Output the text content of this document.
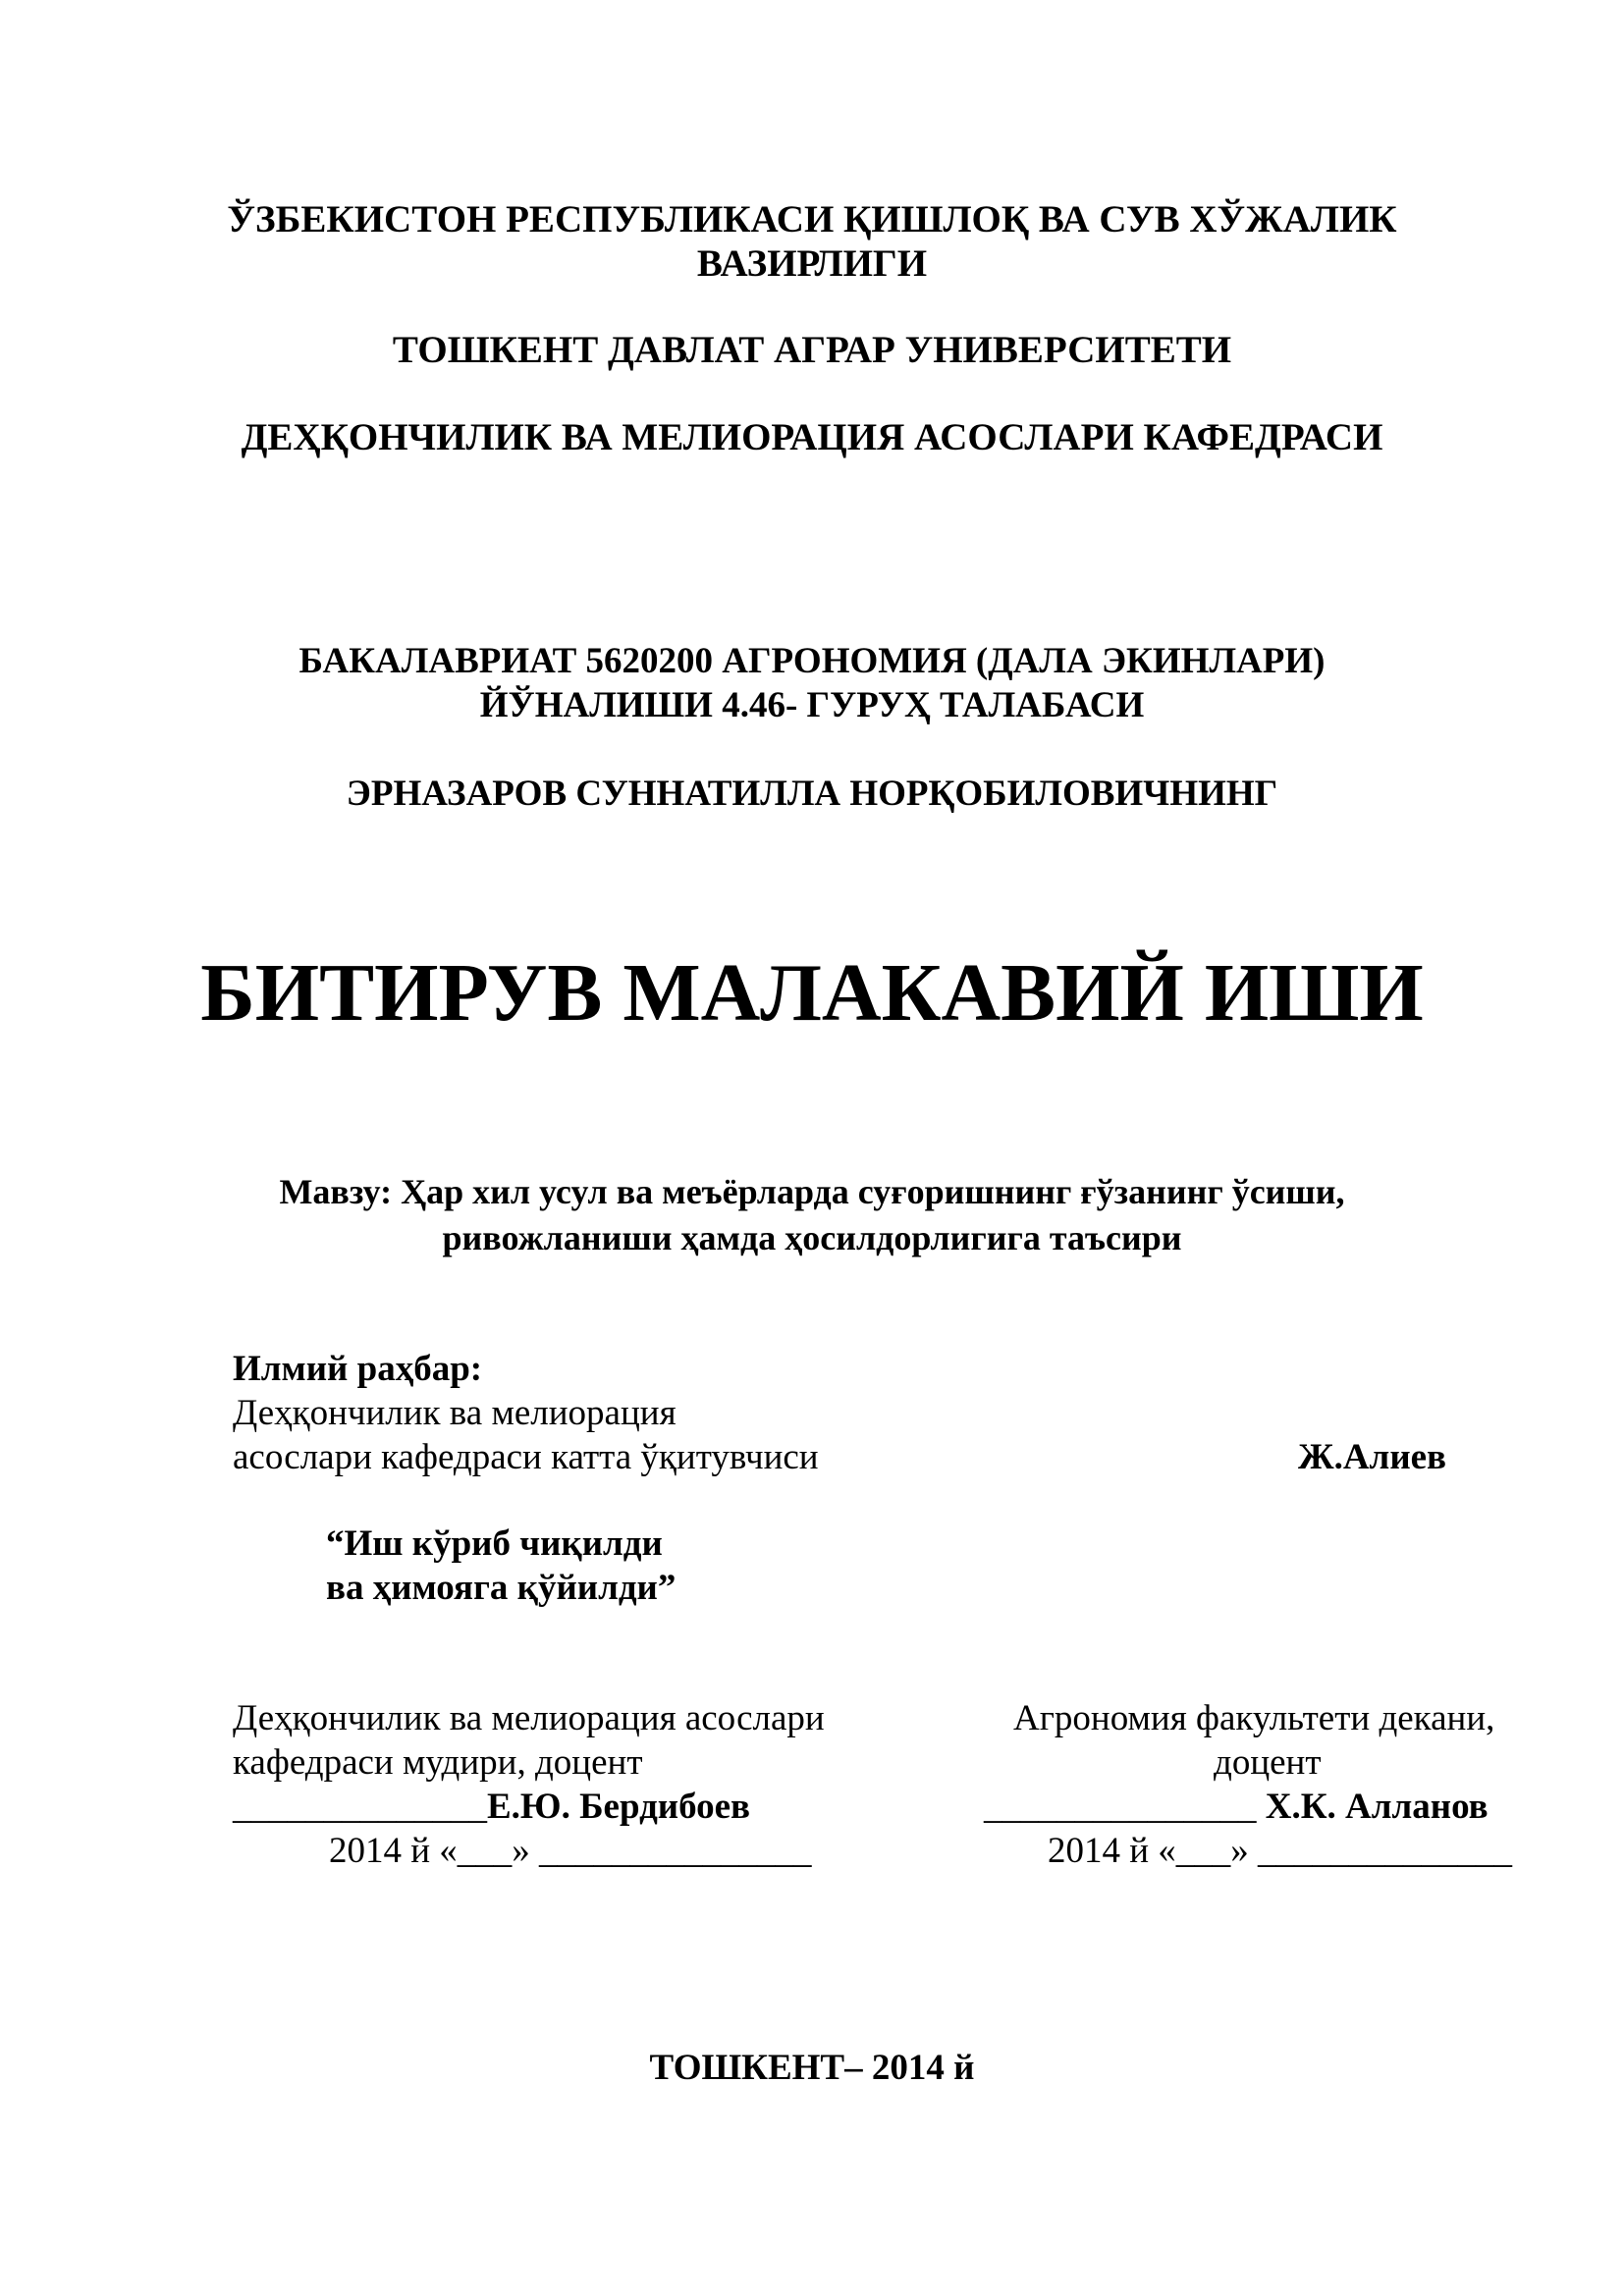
ЎЗБЕКИСТОН РЕСПУБЛИКАСИ ҚИШЛОҚ ВА СУВ ХЎЖАЛИК
ВАЗИРЛИГИ
ТОШКЕНТ ДАВЛАТ АГРАР УНИВЕРСИТЕТИ
ДЕҲҚОНЧИЛИК ВА МЕЛИОРАЦИЯ АСОСЛАРИ КАФЕДРАСИ
БАКАЛАВРИАТ 5620200 АГРОНОМИЯ (ДАЛА ЭКИНЛАРИ)
ЙЎНАЛИШИ 4.46- ГУРУҲ ТАЛАБАСИ
ЭРНАЗАРОВ СУННАТИЛЛА НОРҚОБИЛОВИЧНИНГ
БИТИРУВ МАЛАКАВИЙ ИШИ
Мавзу: Ҳар хил усул ва меъёрларда суғоришнинг ғўзанинг ўсиши,
ривожланиши ҳамда ҳосилдорлигига таъсири
Илмий раҳбар:
Деҳқончилик ва мелиорация
асослари кафедраси катта ўқитувчиси	Ж.Алиев
“Иш кўриб чиқилди
ва ҳимояга қўйилди”
Деҳқончилик ва мелиорация асослари
кафедраси мудири, доцент
______________Е.Ю. Бердибоев
2014 й «___» _______________
Агрономия факультети декани,
доцент
_______________ Х.К. Алланов
2014 й «___» ______________
ТОШКЕНТ– 2014 й
